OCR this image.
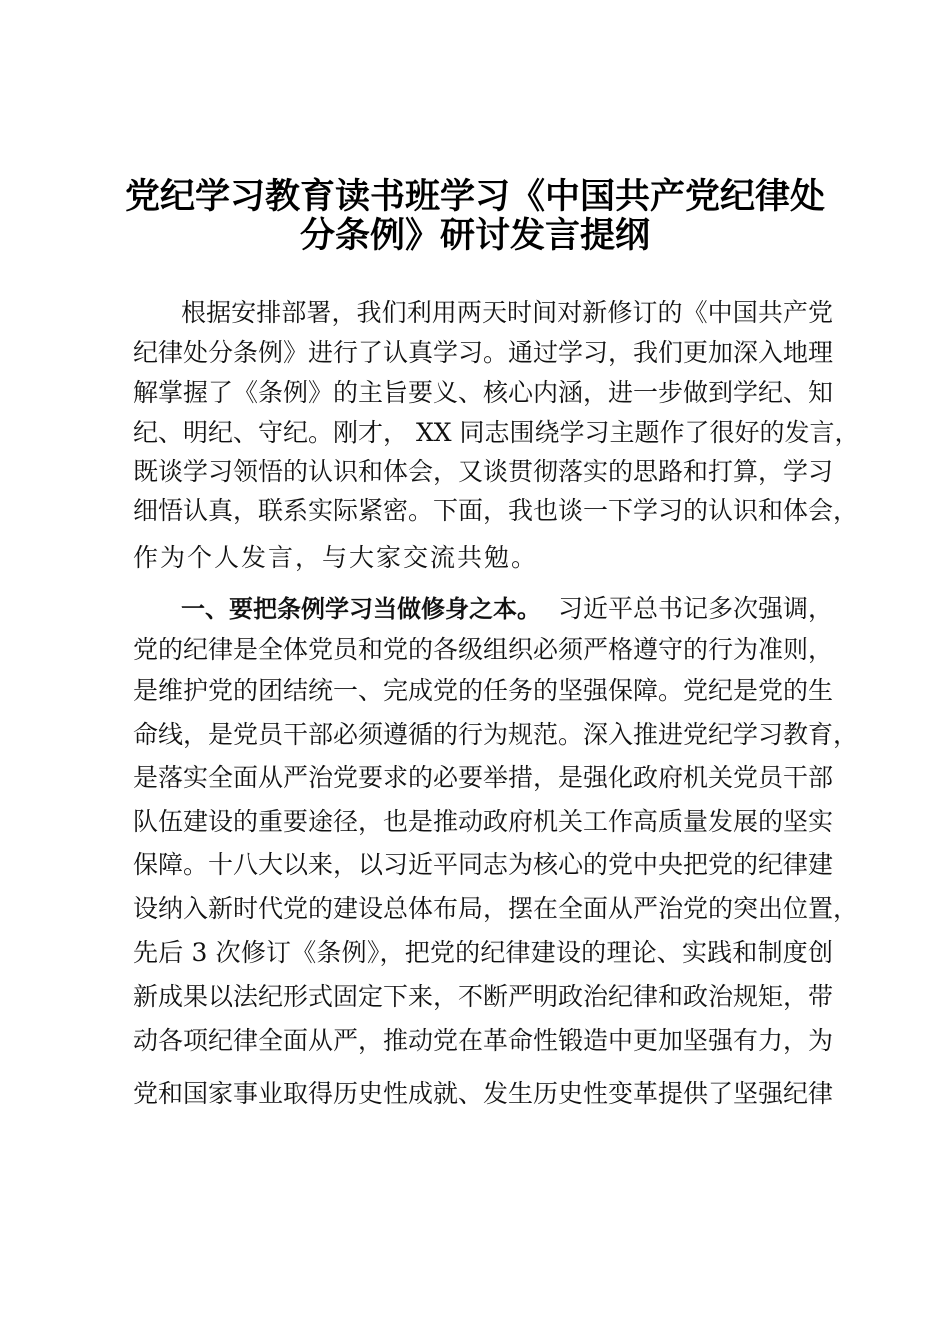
党纪学习教育读书班学习《中国共产党纪律处
分条例》研讨发言提纲
根据安排部署，我们利用两天时间对新修订的《中国共产党
纪律处分条例》进行了认真学习。通过学习，我们更加深入地理
解掌握了《条例》的主旨要义、核心内涵，进一步做到学纪、知
纪、明纪、守纪。刚才， XX 同志围绕学习主题作了很好的发言，
既谈学习领悟的认识和体会，又谈贯彻落实的思路和打算，学习
细悟认真，联系实际紧密。下面，我也谈一下学习的认识和体会，
作为个人发言，与大家交流共勉。
一、要把条例学习当做修身之本。 习近平总书记多次强调，
党的纪律是全体党员和党的各级组织必须严格遵守的行为准则，
是维护党的团结统一、完成党的任务的坚强保障。党纪是党的生
命线，是党员干部必须遵循的行为规范。深入推进党纪学习教育，
是落实全面从严治党要求的必要举措，是强化政府机关党员干部
队伍建设的重要途径，也是推动政府机关工作高质量发展的坚实
保障。十八大以来，以习近平同志为核心的党中央把党的纪律建
设纳入新时代党的建设总体布局，摆在全面从严治党的突出位置，
先后 3 次修订《条例》，把党的纪律建设的理论、实践和制度创
新成果以法纪形式固定下来，不断严明政治纪律和政治规矩，带
动各项纪律全面从严，推动党在革命性锻造中更加坚强有力，为
党和国家事业取得历史性成就、发生历史性变革提供了坚强纪律
